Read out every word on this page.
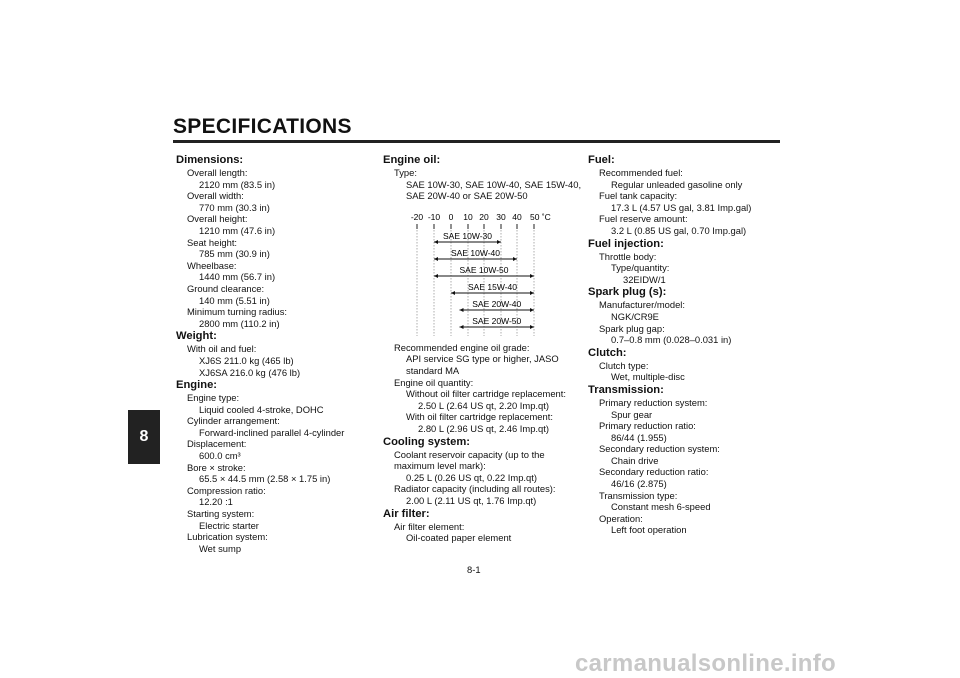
SPECIFICATIONS
8
Dimensions:
Overall length:
2120 mm (83.5 in)
Overall width:
770 mm (30.3 in)
Overall height:
1210 mm (47.6 in)
Seat height:
785 mm (30.9 in)
Wheelbase:
1440 mm (56.7 in)
Ground clearance:
140 mm (5.51 in)
Minimum turning radius:
2800 mm (110.2 in)
Weight:
With oil and fuel:
XJ6S 211.0 kg (465 lb)
XJ6SA 216.0 kg (476 lb)
Engine:
Engine type:
Liquid cooled 4-stroke, DOHC
Cylinder arrangement:
Forward-inclined parallel 4-cylinder
Displacement:
600.0 cm³
Bore × stroke:
65.5 × 44.5 mm (2.58 × 1.75 in)
Compression ratio:
12.20 :1
Starting system:
Electric starter
Lubrication system:
Wet sump
Engine oil:
Type:
SAE 10W-30, SAE 10W-40, SAE 15W-40,
SAE 20W-40 or SAE 20W-50
-20 -10 0 10 20 30 40 50 ˚C
SAE 10W-30
SAE 10W-40
SAE 10W-50
SAE 15W-40
SAE 20W-40
SAE 20W-50
Recommended engine oil grade:
API service SG type or higher, JASO
standard MA
Engine oil quantity:
Without oil filter cartridge replacement:
2.50 L (2.64 US qt, 2.20 Imp.qt)
With oil filter cartridge replacement:
2.80 L (2.96 US qt, 2.46 Imp.qt)
Cooling system:
Coolant reservoir capacity (up to the
maximum level mark):
0.25 L (0.26 US qt, 0.22 Imp.qt)
Radiator capacity (including all routes):
2.00 L (2.11 US qt, 1.76 Imp.qt)
Air filter:
Air filter element:
Oil-coated paper element
Fuel:
Recommended fuel:
Regular unleaded gasoline only
Fuel tank capacity:
17.3 L (4.57 US gal, 3.81 Imp.gal)
Fuel reserve amount:
3.2 L (0.85 US gal, 0.70 Imp.gal)
Fuel injection:
Throttle body:
Type/quantity:
32EIDW/1
Spark plug (s):
Manufacturer/model:
NGK/CR9E
Spark plug gap:
0.7–0.8 mm (0.028–0.031 in)
Clutch:
Clutch type:
Wet, multiple-disc
Transmission:
Primary reduction system:
Spur gear
Primary reduction ratio:
86/44 (1.955)
Secondary reduction system:
Chain drive
Secondary reduction ratio:
46/16 (2.875)
Transmission type:
Constant mesh 6-speed
Operation:
Left foot operation
8-1
carmanualsonline.info
